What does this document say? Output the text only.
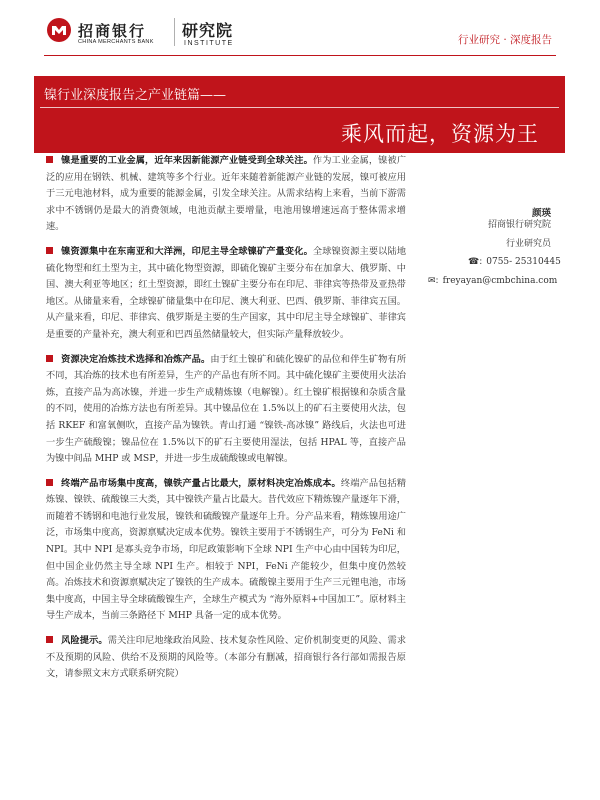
招商银行
CHINA MERCHANTS BANK
研究院
INSTITUTE	行业研究 · 深度报告
镍行业深度报告之产业链篇——
乘风而起，资源为王

镍是重要的工业金属，近年来因新能源产业链受到全球关注。作为工业金属，镍被广泛的应用在钢铁、机械、建筑等多个行业。近年来随着新能源产业链的发展，镍可被应用于三元电池材料，成为重要的能源金属，引发全球关注。从需求结构上来看，当前下游需求中不锈钢仍是最大的消费领域，电池贡献主要增量，电池用镍增速远高于整体需求增速。

镍资源集中在东南亚和大洋洲，印尼主导全球镍矿产量变化。全球镍资源主要以陆地硫化物型和红土型为主，其中硫化物型资源，即硫化镍矿主要分布在加拿大、俄罗斯、中国、澳大利亚等地区；红土型资源，即红土镍矿主要分布在印尼、菲律宾等热带及亚热带地区。从储量来看，全球镍矿储量集中在印尼、澳大利亚、巴西、俄罗斯、菲律宾五国。从产量来看，印尼、菲律宾、俄罗斯是主要的生产国家，其中印尼主导全球镍矿、菲律宾是重要的产量补充，澳大利亚和巴西虽然储量较大，但实际产量释放较少。

资源决定冶炼技术选择和冶炼产品。由于红土镍矿和硫化镍矿的品位和伴生矿物有所不同，其冶炼的技术也有所差异，生产的产品也有所不同。其中硫化镍矿主要使用火法冶炼，直接产品为高冰镍，并进一步生产成精炼镍（电解镍）。红土镍矿根据镍和杂质含量的不同，使用的冶炼方法也有所差异。其中镍品位在 1.5%以上的矿石主要使用火法，包括 RKEF 和富氧侧吹，直接产品为镍铁。青山打通 “镍铁-高冰镍” 路线后，火法也可进一步生产硫酸镍；镍品位在 1.5%以下的矿石主要使用湿法，包括 HPAL 等，直接产品为镍中间品 MHP 或 MSP，并进一步生成硫酸镍或电解镍。

终端产品市场集中度高，镍铁产量占比最大，原材料决定冶炼成本。终端产品包括精炼镍、镍铁、硫酸镍三大类，其中镍铁产量占比最大。昔代效应下精炼镍产量逐年下滑，而随着不锈钢和电池行业发展，镍铁和硫酸镍产量逐年上升。分产品来看，精炼镍用途广泛，市场集中度高，资源禀赋决定成本优势。镍铁主要用于不锈钢生产，可分为 FeNi 和 NPI。其中 NPI 是寡头竞争市场，印尼政策影响下全球 NPI 生产中心由中国转为印尼，但中国企业仍然主导全球 NPI 生产。相较于 NPI，FeNi 产能较少，但集中度仍然较高。冶炼技术和资源禀赋决定了镍铁的生产成本。硫酸镍主要用于生产三元锂电池，市场集中度高，中国主导全球硫酸镍生产，全球生产模式为 “海外原料+中国加工”。原材料主导生产成本，当前三条路径下 MHP 具备一定的成本优势。

风险提示。需关注印尼地缘政治风险、技术复杂性风险、定价机制变更的风险、需求不及预期的风险、供给不及预期的风险等。（本部分有删减，招商银行各行部如需报告原文，请参照文末方式联系研究院）

颜瑛
招商银行研究院
行业研究员
☎: 0755- 25310445
✉: freyayan@cmbchina.com
